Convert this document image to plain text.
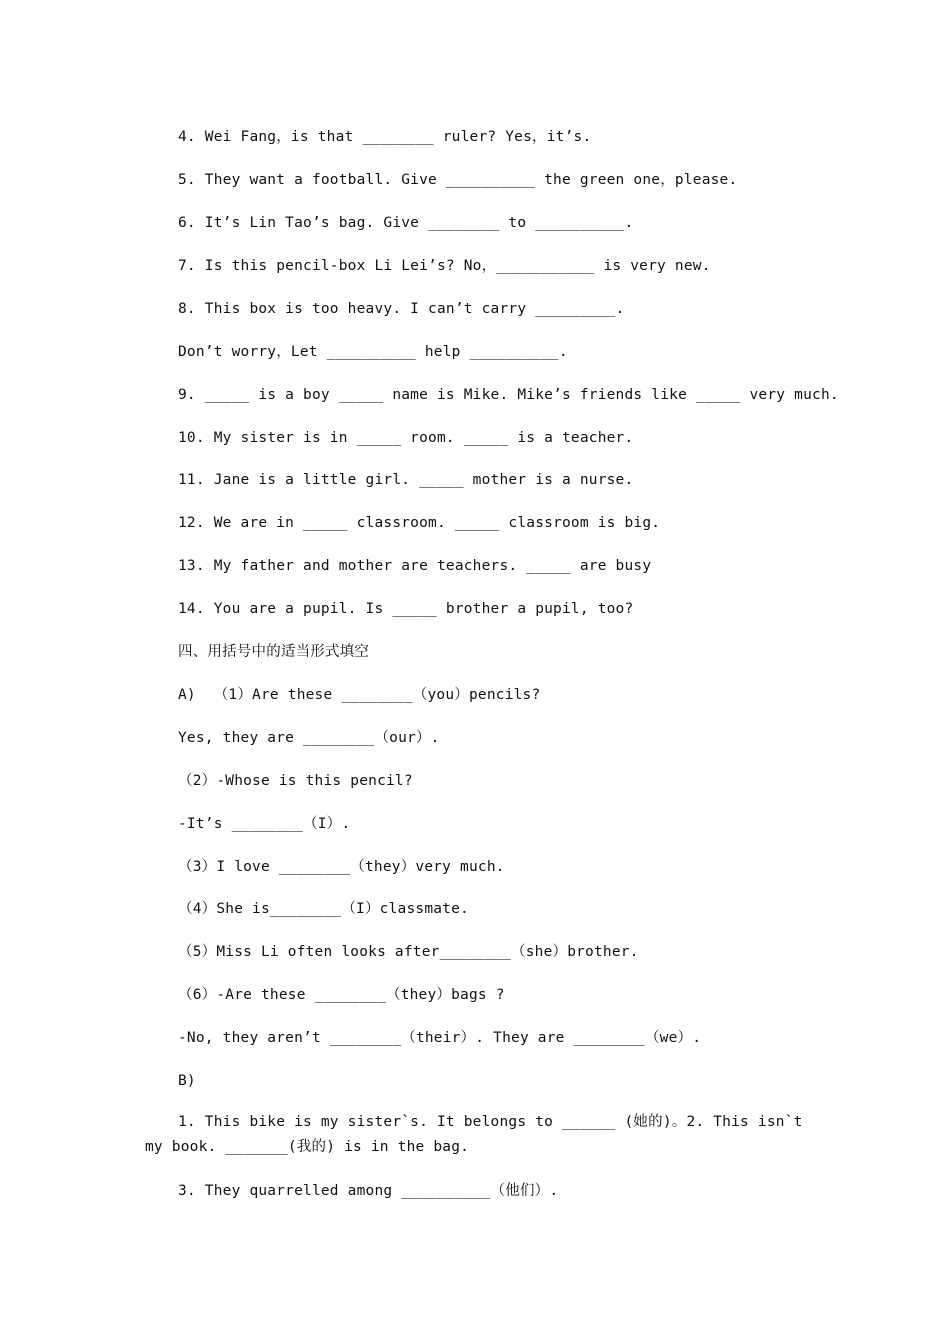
4. Wei Fang，is that ________ ruler? Yes，it’s.
5. They want a football. Give __________ the green one，please.
6. It’s Lin Tao’s bag. Give ________ to __________.
7. Is this pencil-box Li Lei’s? No，___________ is very new.
8. This box is too heavy. I can’t carry _________.
Don’t worry，Let __________ help __________.
9. _____ is a boy _____ name is Mike. Mike’s friends like _____ very much.
10. My sister is in _____ room. _____ is a teacher.
11. Jane is a little girl. _____ mother is a nurse.
12. We are in _____ classroom. _____ classroom is big.
13. My father and mother are teachers. _____ are busy
14. You are a pupil. Is _____ brother a pupil, too?
四、用括号中的适当形式填空
A)  （1）Are these ________（you）pencils?
Yes, they are ________（our）.
（2）-Whose is this pencil?
-It’s ________（I）.
（3）I love ________（they）very much.
（4）She is________（I）classmate.
（5）Miss Li often looks after________（she）brother.
（6）-Are these ________（they）bags ?
-No, they aren’t ________（their）. They are ________（we）.
B)
1. This bike is my sister`s. It belongs to ______ (她的)。2. This isn`t my book. _______(我的) is in the bag.
3. They quarrelled among __________（他们）.
